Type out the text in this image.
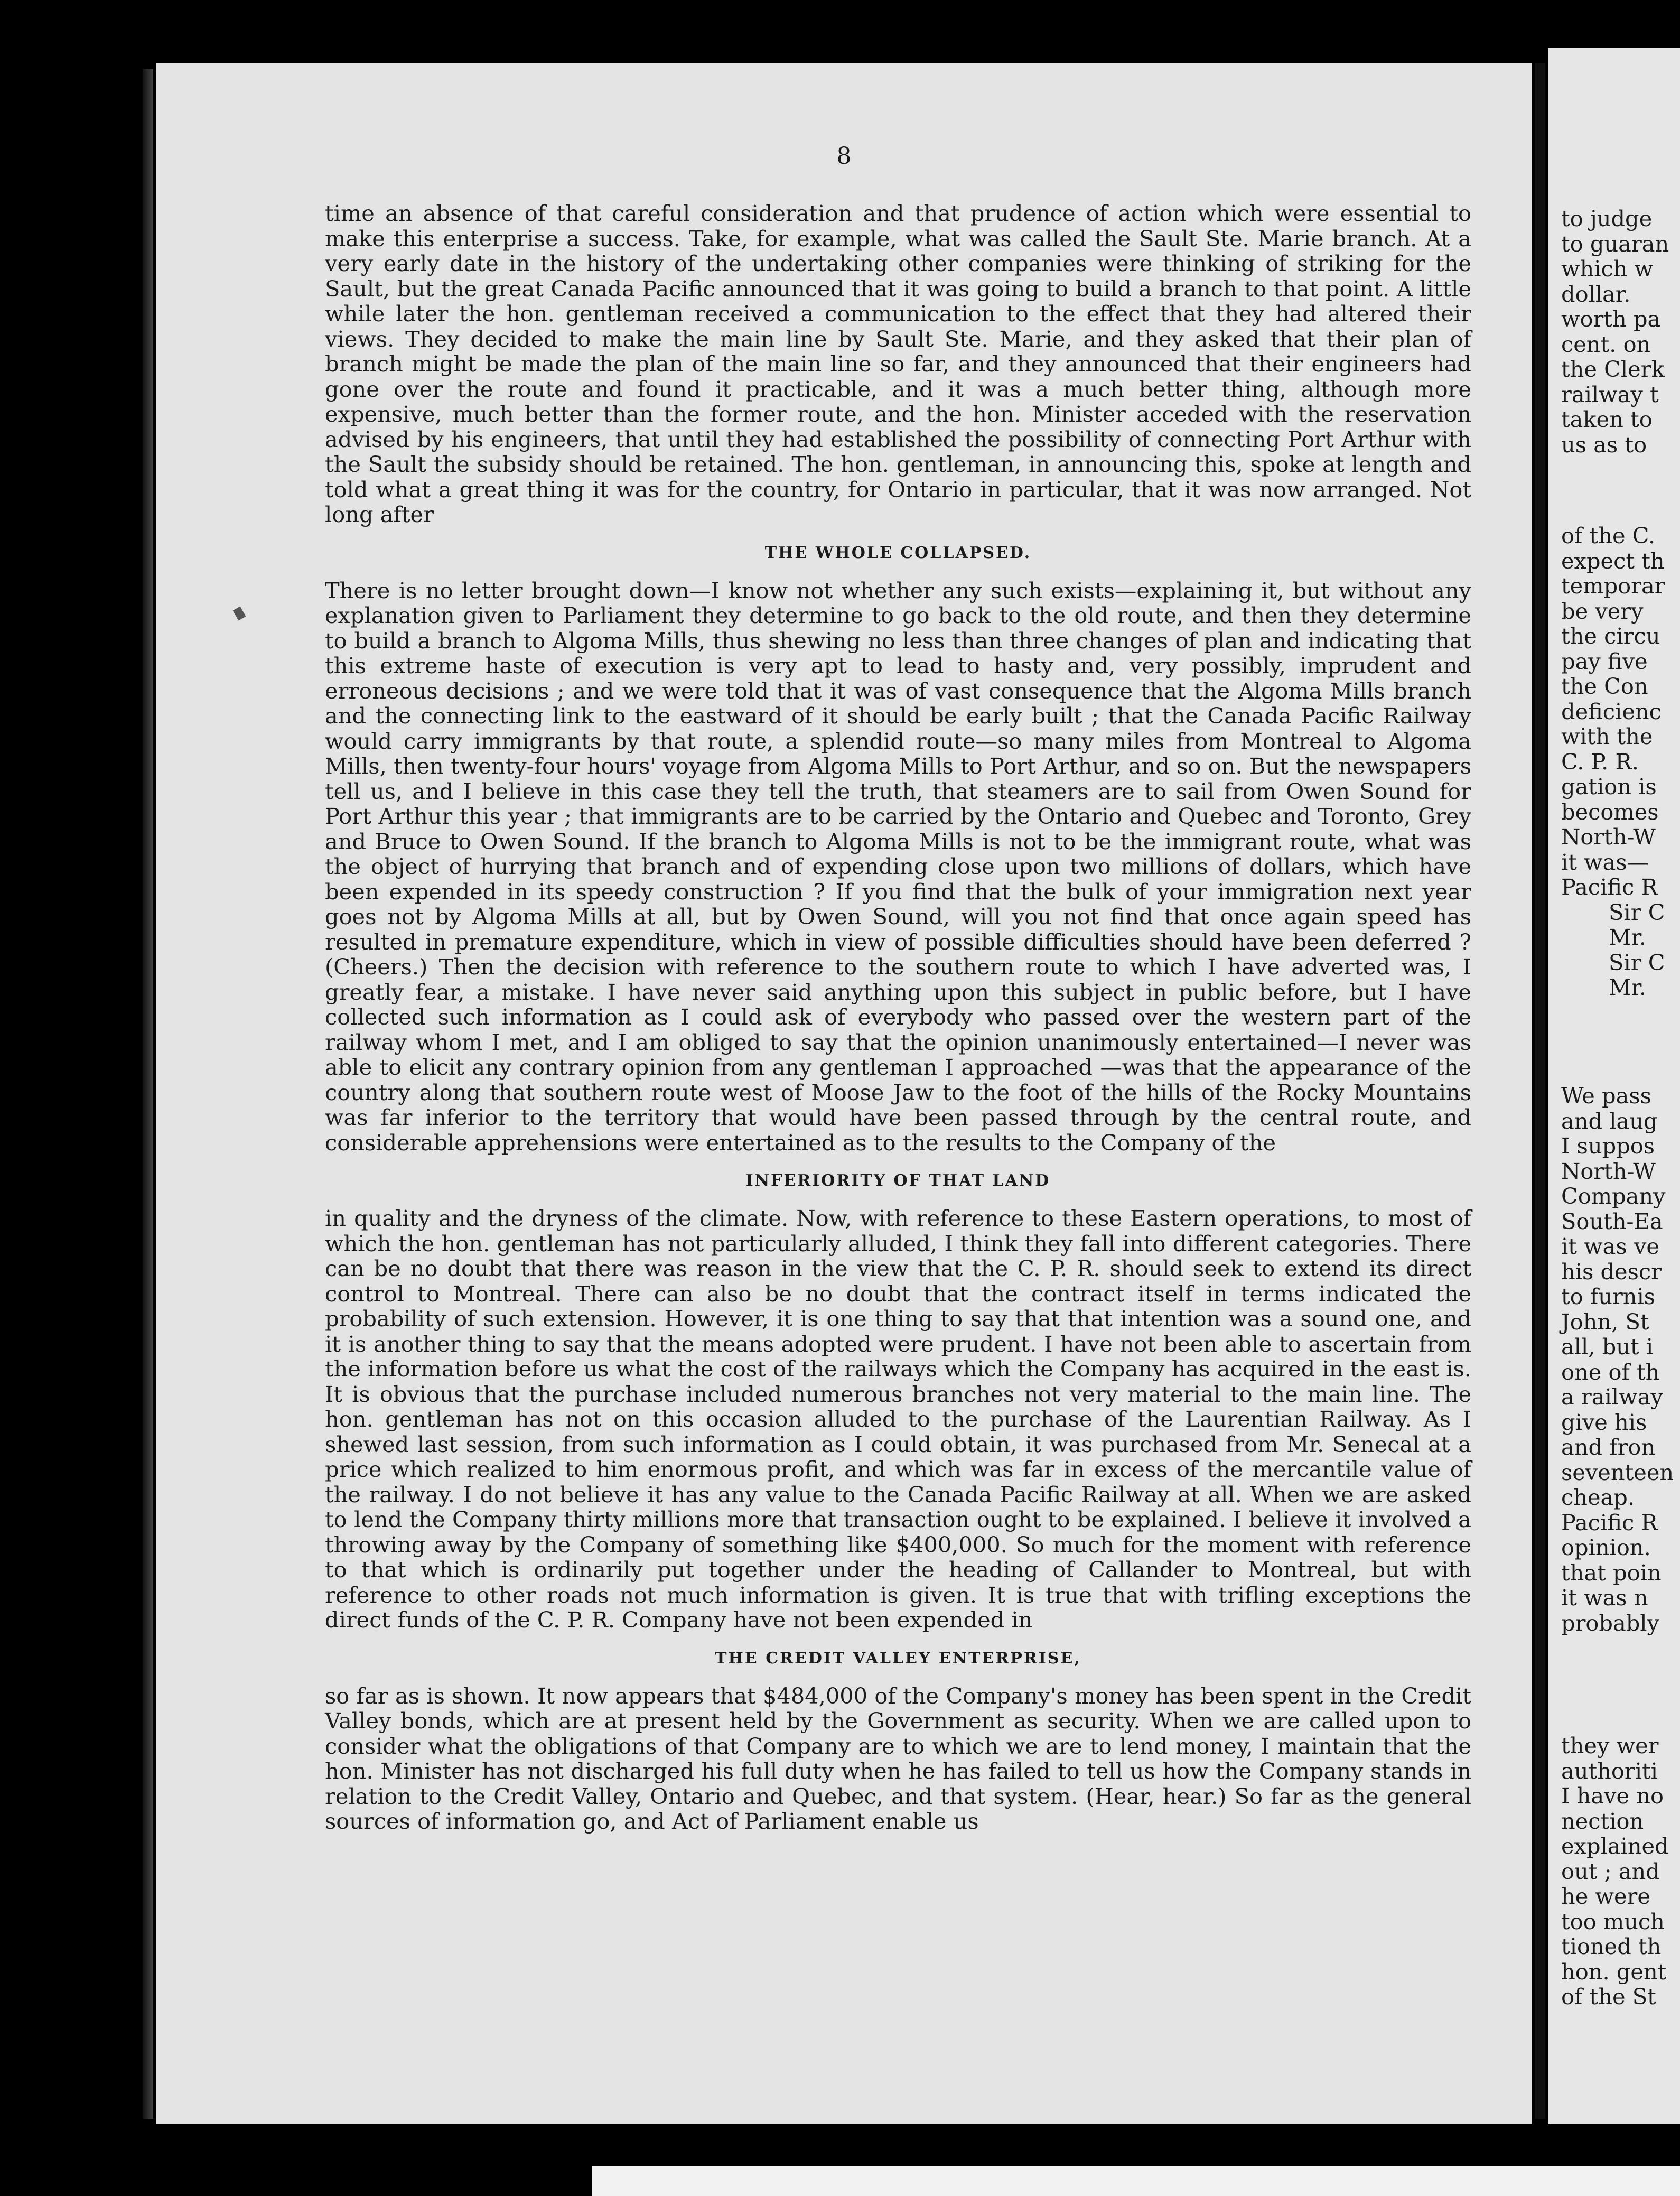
8

time an absence of that careful consideration and that prudence of action which were essential to make this enterprise a success. Take, for example, what was called the Sault Ste. Marie branch. At a very early date in the history of the undertaking other companies were thinking of striking for the Sault, but the great Canada Pacific announced that it was going to build a branch to that point. A little while later the hon. gentleman received a communication to the effect that they had altered their views. They decided to make the main line by Sault Ste. Marie, and they asked that their plan of branch might be made the plan of the main line so far, and they announced that their engineers had gone over the route and found it practicable, and it was a much better thing, although more expensive, much better than the former route, and the hon. Minister acceded with the reservation advised by his engineers, that until they had established the possibility of connecting Port Arthur with the Sault the subsidy should be retained. The hon. gentleman, in announcing this, spoke at length and told what a great thing it was for the country, for Ontario in particular, that it was now arranged. Not long after

THE WHOLE COLLAPSED.

There is no letter brought down—I know not whether any such exists—explaining it, but without any explanation given to Parliament they determine to go back to the old route, and then they determine to build a branch to Algoma Mills, thus shewing no less than three changes of plan and indicating that this extreme haste of execution is very apt to lead to hasty and, very possibly, imprudent and erroneous decisions ; and we were told that it was of vast consequence that the Algoma Mills branch and the connecting link to the eastward of it should be early built ; that the Canada Pacific Railway would carry immigrants by that route, a splendid route—so many miles from Montreal to Algoma Mills, then twenty-four hours' voyage from Algoma Mills to Port Arthur, and so on. But the newspapers tell us, and I believe in this case they tell the truth, that steamers are to sail from Owen Sound for Port Arthur this year ; that immigrants are to be carried by the Ontario and Quebec and Toronto, Grey and Bruce to Owen Sound. If the branch to Algoma Mills is not to be the immigrant route, what was the object of hurrying that branch and of expending close upon two millions of dollars, which have been expended in its speedy construction ? If you find that the bulk of your immigration next year goes not by Algoma Mills at all, but by Owen Sound, will you not find that once again speed has resulted in premature expenditure, which in view of possible difficulties should have been deferred ? (Cheers.) Then the decision with reference to the southern route to which I have adverted was, I greatly fear, a mistake. I have never said anything upon this subject in public before, but I have collected such information as I could ask of everybody who passed over the western part of the railway whom I met, and I am obliged to say that the opinion unanimously entertained—I never was able to elicit any contrary opinion from any gentleman I approached —was that the appearance of the country along that southern route west of Moose Jaw to the foot of the hills of the Rocky Mountains was far inferior to the territory that would have been passed through by the central route, and considerable apprehensions were entertained as to the results to the Company of the

INFERIORITY OF THAT LAND

in quality and the dryness of the climate. Now, with reference to these Eastern operations, to most of which the hon. gentleman has not particularly alluded, I think they fall into different categories. There can be no doubt that there was reason in the view that the C. P. R. should seek to extend its direct control to Montreal. There can also be no doubt that the contract itself in terms indicated the probability of such extension. However, it is one thing to say that that intention was a sound one, and it is another thing to say that the means adopted were prudent. I have not been able to ascertain from the information before us what the cost of the railways which the Company has acquired in the east is. It is obvious that the purchase included numerous branches not very material to the main line. The hon. gentleman has not on this occasion alluded to the purchase of the Laurentian Railway. As I shewed last session, from such information as I could obtain, it was purchased from Mr. Senecal at a price which realized to him enormous profit, and which was far in excess of the mercantile value of the railway. I do not believe it has any value to the Canada Pacific Railway at all. When we are asked to lend the Company thirty millions more that transaction ought to be explained. I believe it involved a throwing away by the Company of something like $400,000. So much for the moment with reference to that which is ordinarily put together under the heading of Callander to Montreal, but with reference to other roads not much information is given. It is true that with trifling exceptions the direct funds of the C. P. R. Company have not been expended in

THE CREDIT VALLEY ENTERPRISE,

so far as is shown. It now appears that $484,000 of the Company's money has been spent in the Credit Valley bonds, which are at present held by the Government as security. When we are called upon to consider what the obligations of that Company are to which we are to lend money, I maintain that the hon. Minister has not discharged his full duty when he has failed to tell us how the Company stands in relation to the Credit Valley, Ontario and Quebec, and that system. (Hear, hear.) So far as the general sources of information go, and Act of Parliament enable us

to judge
to guaran
which w
dollar.
worth pa
cent. on
the Clerk
railway t
taken to
us as to
of the C.
expect th
temporar
be very
the circu
pay five
the Con
deficienc
with the
C. P. R.
gation is
becomes
North-W
it was—
Pacific R
Sir C
Mr.
Sir C
Mr.
We pass
and laug
I suppos
North-W
Company
South-Ea
it was ve
his descr
to furnis
John, St
all, but i
one of th
a railway
give his
and fron
seventeen
cheap.
Pacific R
opinion.
that poin
it was n
probably
they wer
authoriti
I have no
nection
explained
out ; and
he were
too much
tioned th
hon. gent
of the St
